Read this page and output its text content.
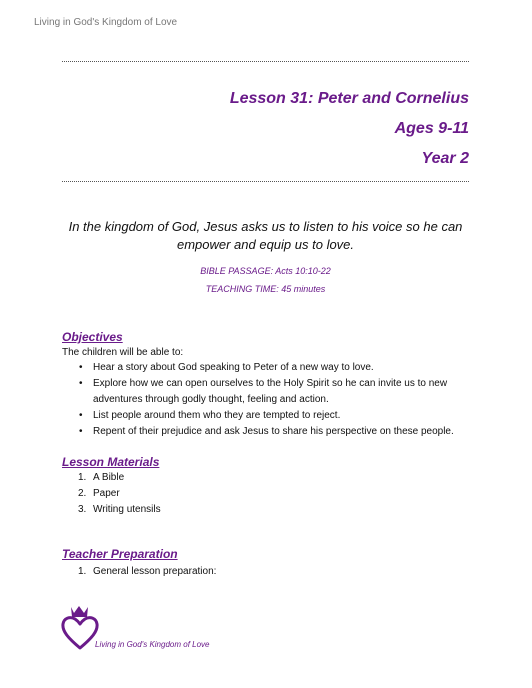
Living in God's Kingdom of Love
Lesson 31: Peter and Cornelius
Ages 9-11
Year 2
In the kingdom of God, Jesus asks us to listen to his voice so he can empower and equip us to love.
BIBLE PASSAGE: Acts 10:10-22
TEACHING TIME: 45 minutes
Objectives
The children will be able to:
• Hear a story about God speaking to Peter of a new way to love.
• Explore how we can open ourselves to the Holy Spirit so he can invite us to new adventures through godly thought, feeling and action.
• List people around them who they are tempted to reject.
• Repent of their prejudice and ask Jesus to share his perspective on these people.
Lesson Materials
1. A Bible
2. Paper
3. Writing utensils
Teacher Preparation
1. General lesson preparation:
Living in God's Kingdom of Love
